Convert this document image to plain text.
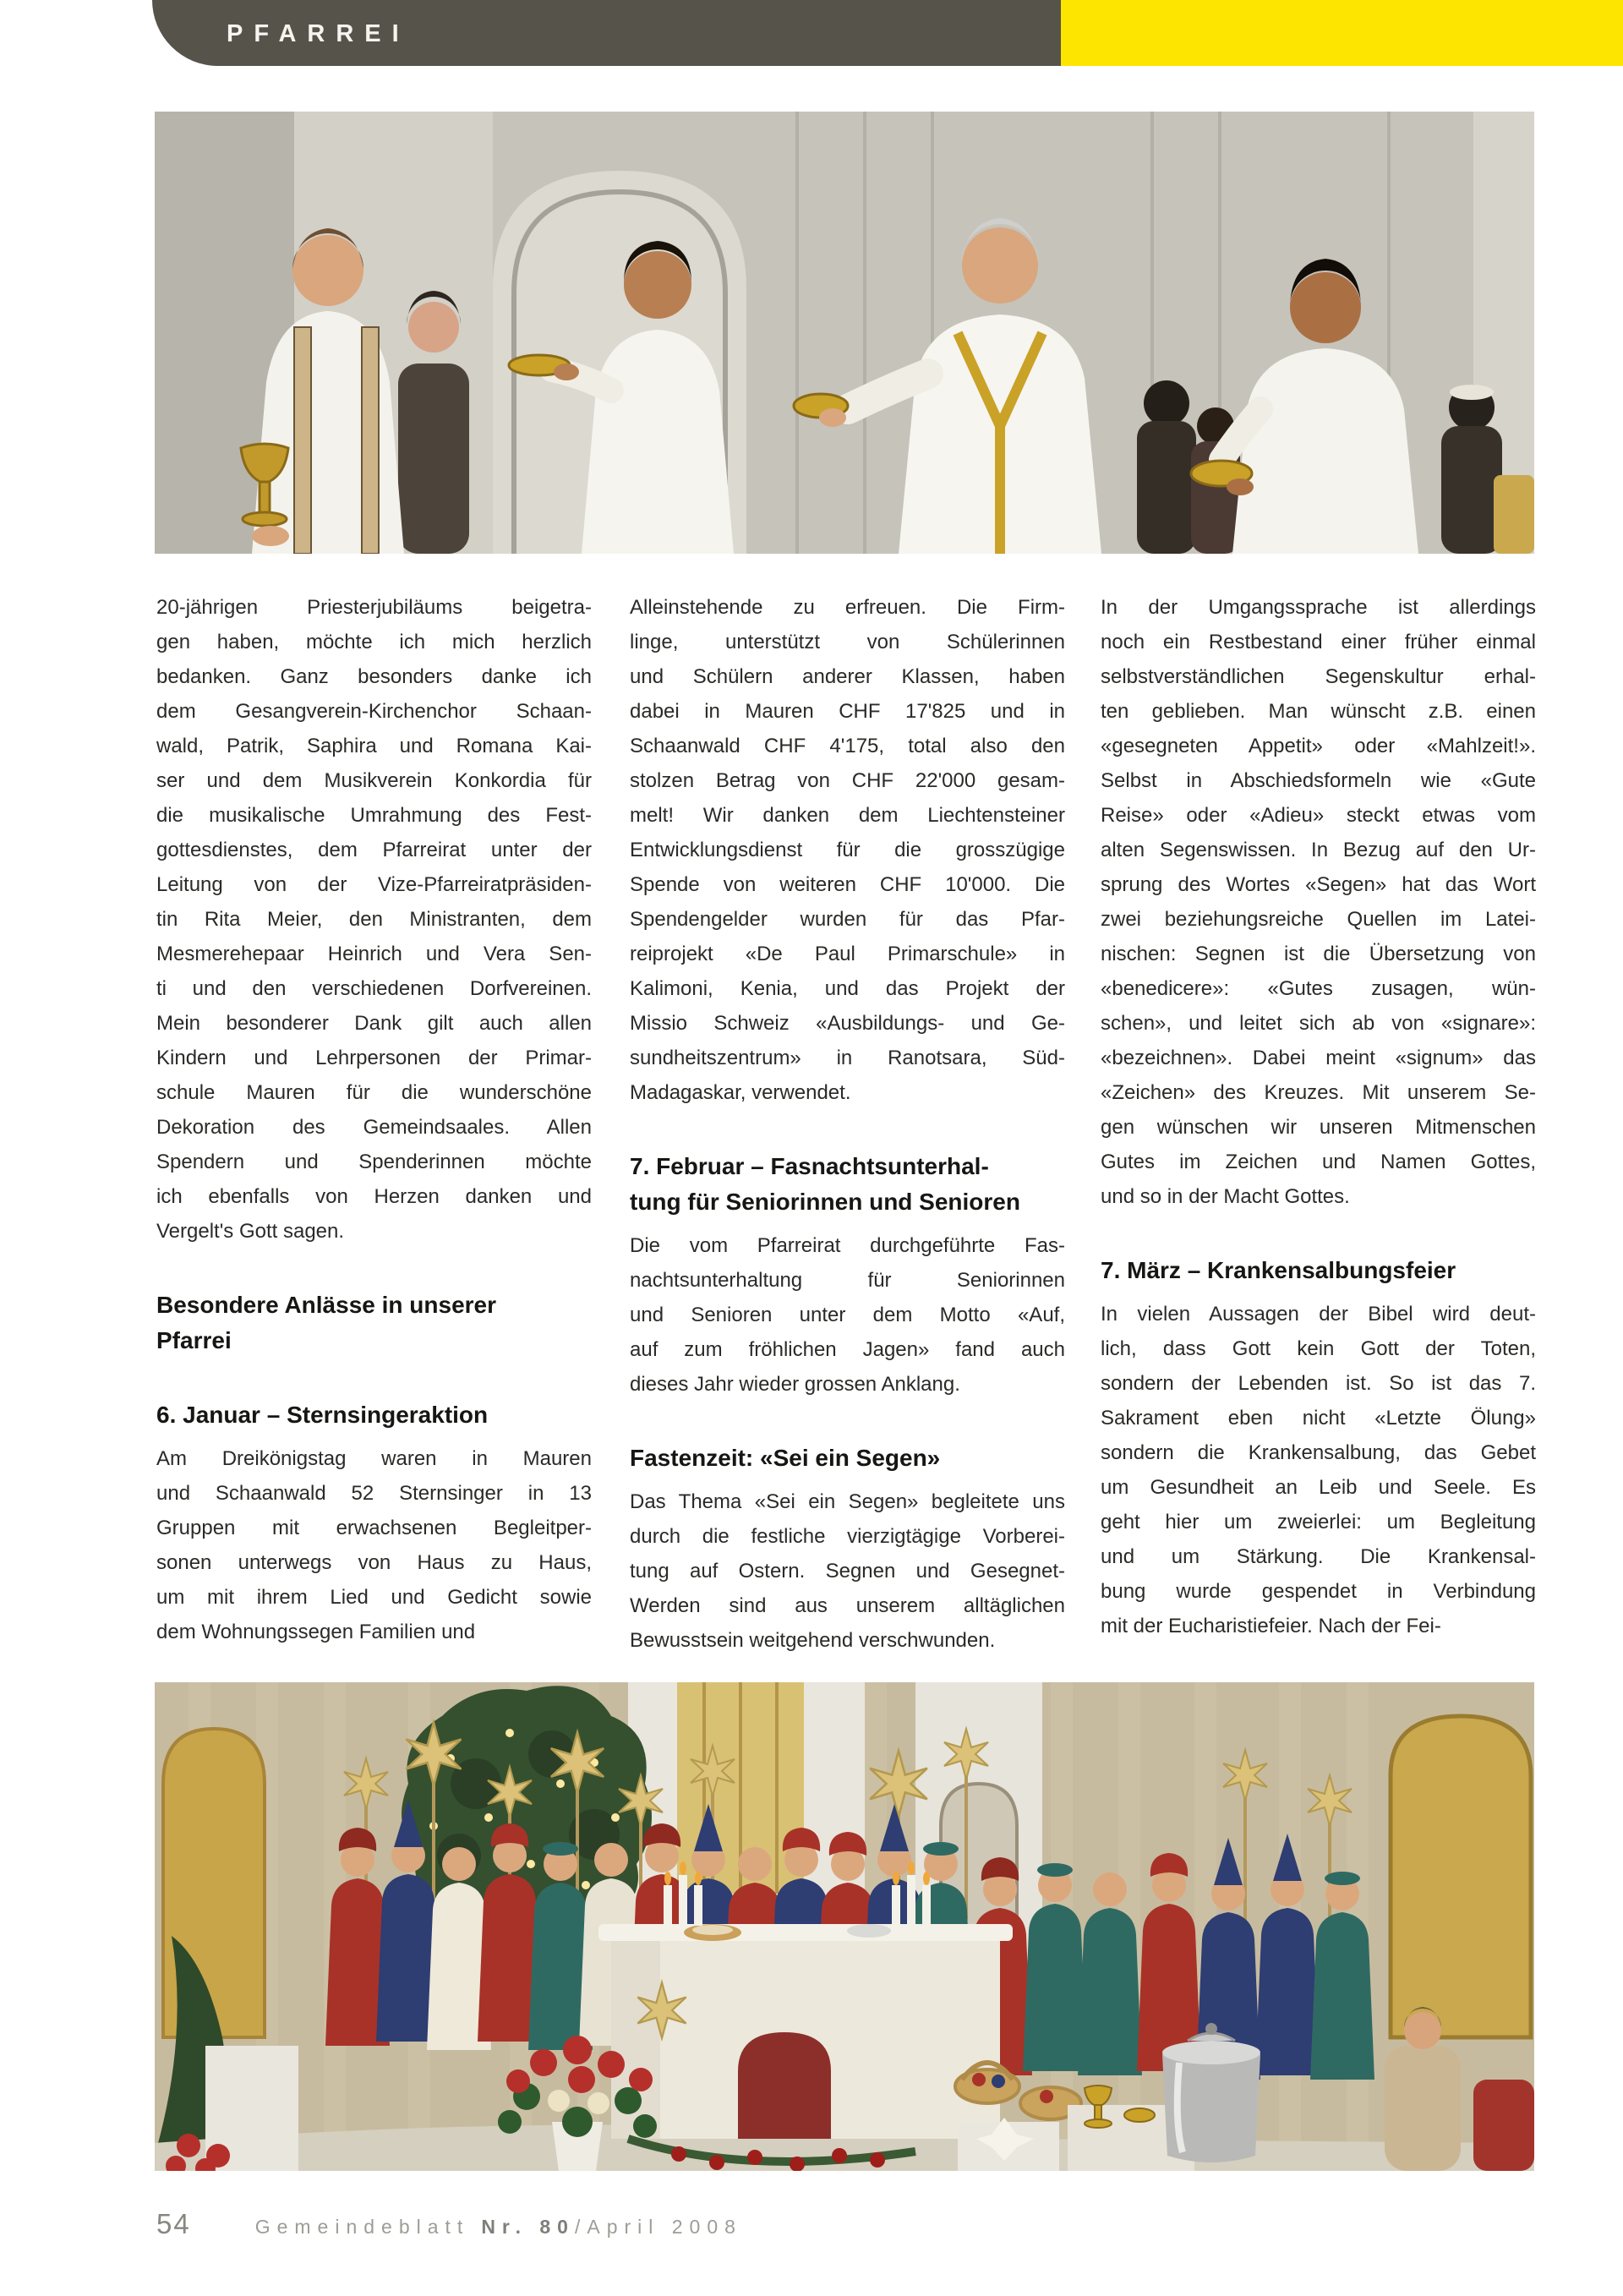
PFARREI
20-jährigen Priesterjubiläums beigetra-
gen haben, möchte ich mich herzlich
bedanken. Ganz besonders danke ich
dem Gesangverein-Kirchenchor Schaan-
wald, Patrik, Saphira und Romana Kai-
ser und dem Musikverein Konkordia für
die musikalische Umrahmung des Fest-
gottesdienstes, dem Pfarreirat unter der
Leitung von der Vize-Pfarreiratpräsiden-
tin Rita Meier, den Ministranten, dem
Mesmerehepaar Heinrich und Vera Sen-
ti und den verschiedenen Dorfvereinen.
Mein besonderer Dank gilt auch allen
Kindern und Lehrpersonen der Primar-
schule Mauren für die wunderschöne
Dekoration des Gemeindsaales. Allen
Spendern und Spenderinnen möchte
ich ebenfalls von Herzen danken und
Vergelt's Gott sagen.
Besondere Anlässe in unserer
Pfarrei
6. Januar – Sternsingeraktion
Am Dreikönigstag waren in Mauren
und Schaanwald 52 Sternsinger in 13
Gruppen mit erwachsenen Begleitper-
sonen unterwegs von Haus zu Haus,
um mit ihrem Lied und Gedicht sowie
dem Wohnungssegen Familien und
Alleinstehende zu erfreuen. Die Firm-
linge, unterstützt von Schülerinnen
und Schülern anderer Klassen, haben
dabei in Mauren CHF 17'825 und in
Schaanwald CHF 4'175, total also den
stolzen Betrag von CHF 22'000 gesam-
melt! Wir danken dem Liechtensteiner
Entwicklungsdienst für die grosszügige
Spende von weiteren CHF 10'000. Die
Spendengelder wurden für das Pfar-
reiprojekt «De Paul Primarschule» in
Kalimoni, Kenia, und das Projekt der
Missio Schweiz «Ausbildungs- und Ge-
sundheitszentrum» in Ranotsara, Süd-
Madagaskar, verwendet.
7. Februar – Fasnachtsunterhal-
tung für Seniorinnen und Senioren
Die vom Pfarreirat durchgeführte Fas-
nachtsunterhaltung für Seniorinnen
und Senioren unter dem Motto «Auf,
auf zum fröhlichen Jagen» fand auch
dieses Jahr wieder grossen Anklang.
Fastenzeit: «Sei ein Segen»
Das Thema «Sei ein Segen» begleitete uns
durch die festliche vierzigtägige Vorberei-
tung auf Ostern. Segnen und Gesegnet-
Werden sind aus unserem alltäglichen
Bewusstsein weitgehend verschwunden.
In der Umgangssprache ist allerdings
noch ein Restbestand einer früher einmal
selbstverständlichen Segenskultur erhal-
ten geblieben. Man wünscht z.B. einen
«gesegneten Appetit» oder «Mahlzeit!».
Selbst in Abschiedsformeln wie «Gute
Reise» oder «Adieu» steckt etwas vom
alten Segenswissen. In Bezug auf den Ur-
sprung des Wortes «Segen» hat das Wort
zwei beziehungsreiche Quellen im Latei-
nischen: Segnen ist die Übersetzung von
«benedicere»: «Gutes zusagen, wün-
schen», und leitet sich ab von «signare»:
«bezeichnen». Dabei meint «signum» das
«Zeichen» des Kreuzes. Mit unserem Se-
gen wünschen wir unseren Mitmenschen
Gutes im Zeichen und Namen Gottes,
und so in der Macht Gottes.
7. März – Krankensalbungsfeier
In vielen Aussagen der Bibel wird deut-
lich, dass Gott kein Gott der Toten,
sondern der Lebenden ist. So ist das 7.
Sakrament eben nicht «Letzte Ölung»
sondern die Krankensalbung, das Gebet
um Gesundheit an Leib und Seele. Es
geht hier um zweierlei: um Begleitung
und um Stärkung. Die Krankensal-
bung wurde gespendet in Verbindung
mit der Eucharistiefeier. Nach der Fei-
54	Gemeindeblatt Nr. 80 /April 2008
